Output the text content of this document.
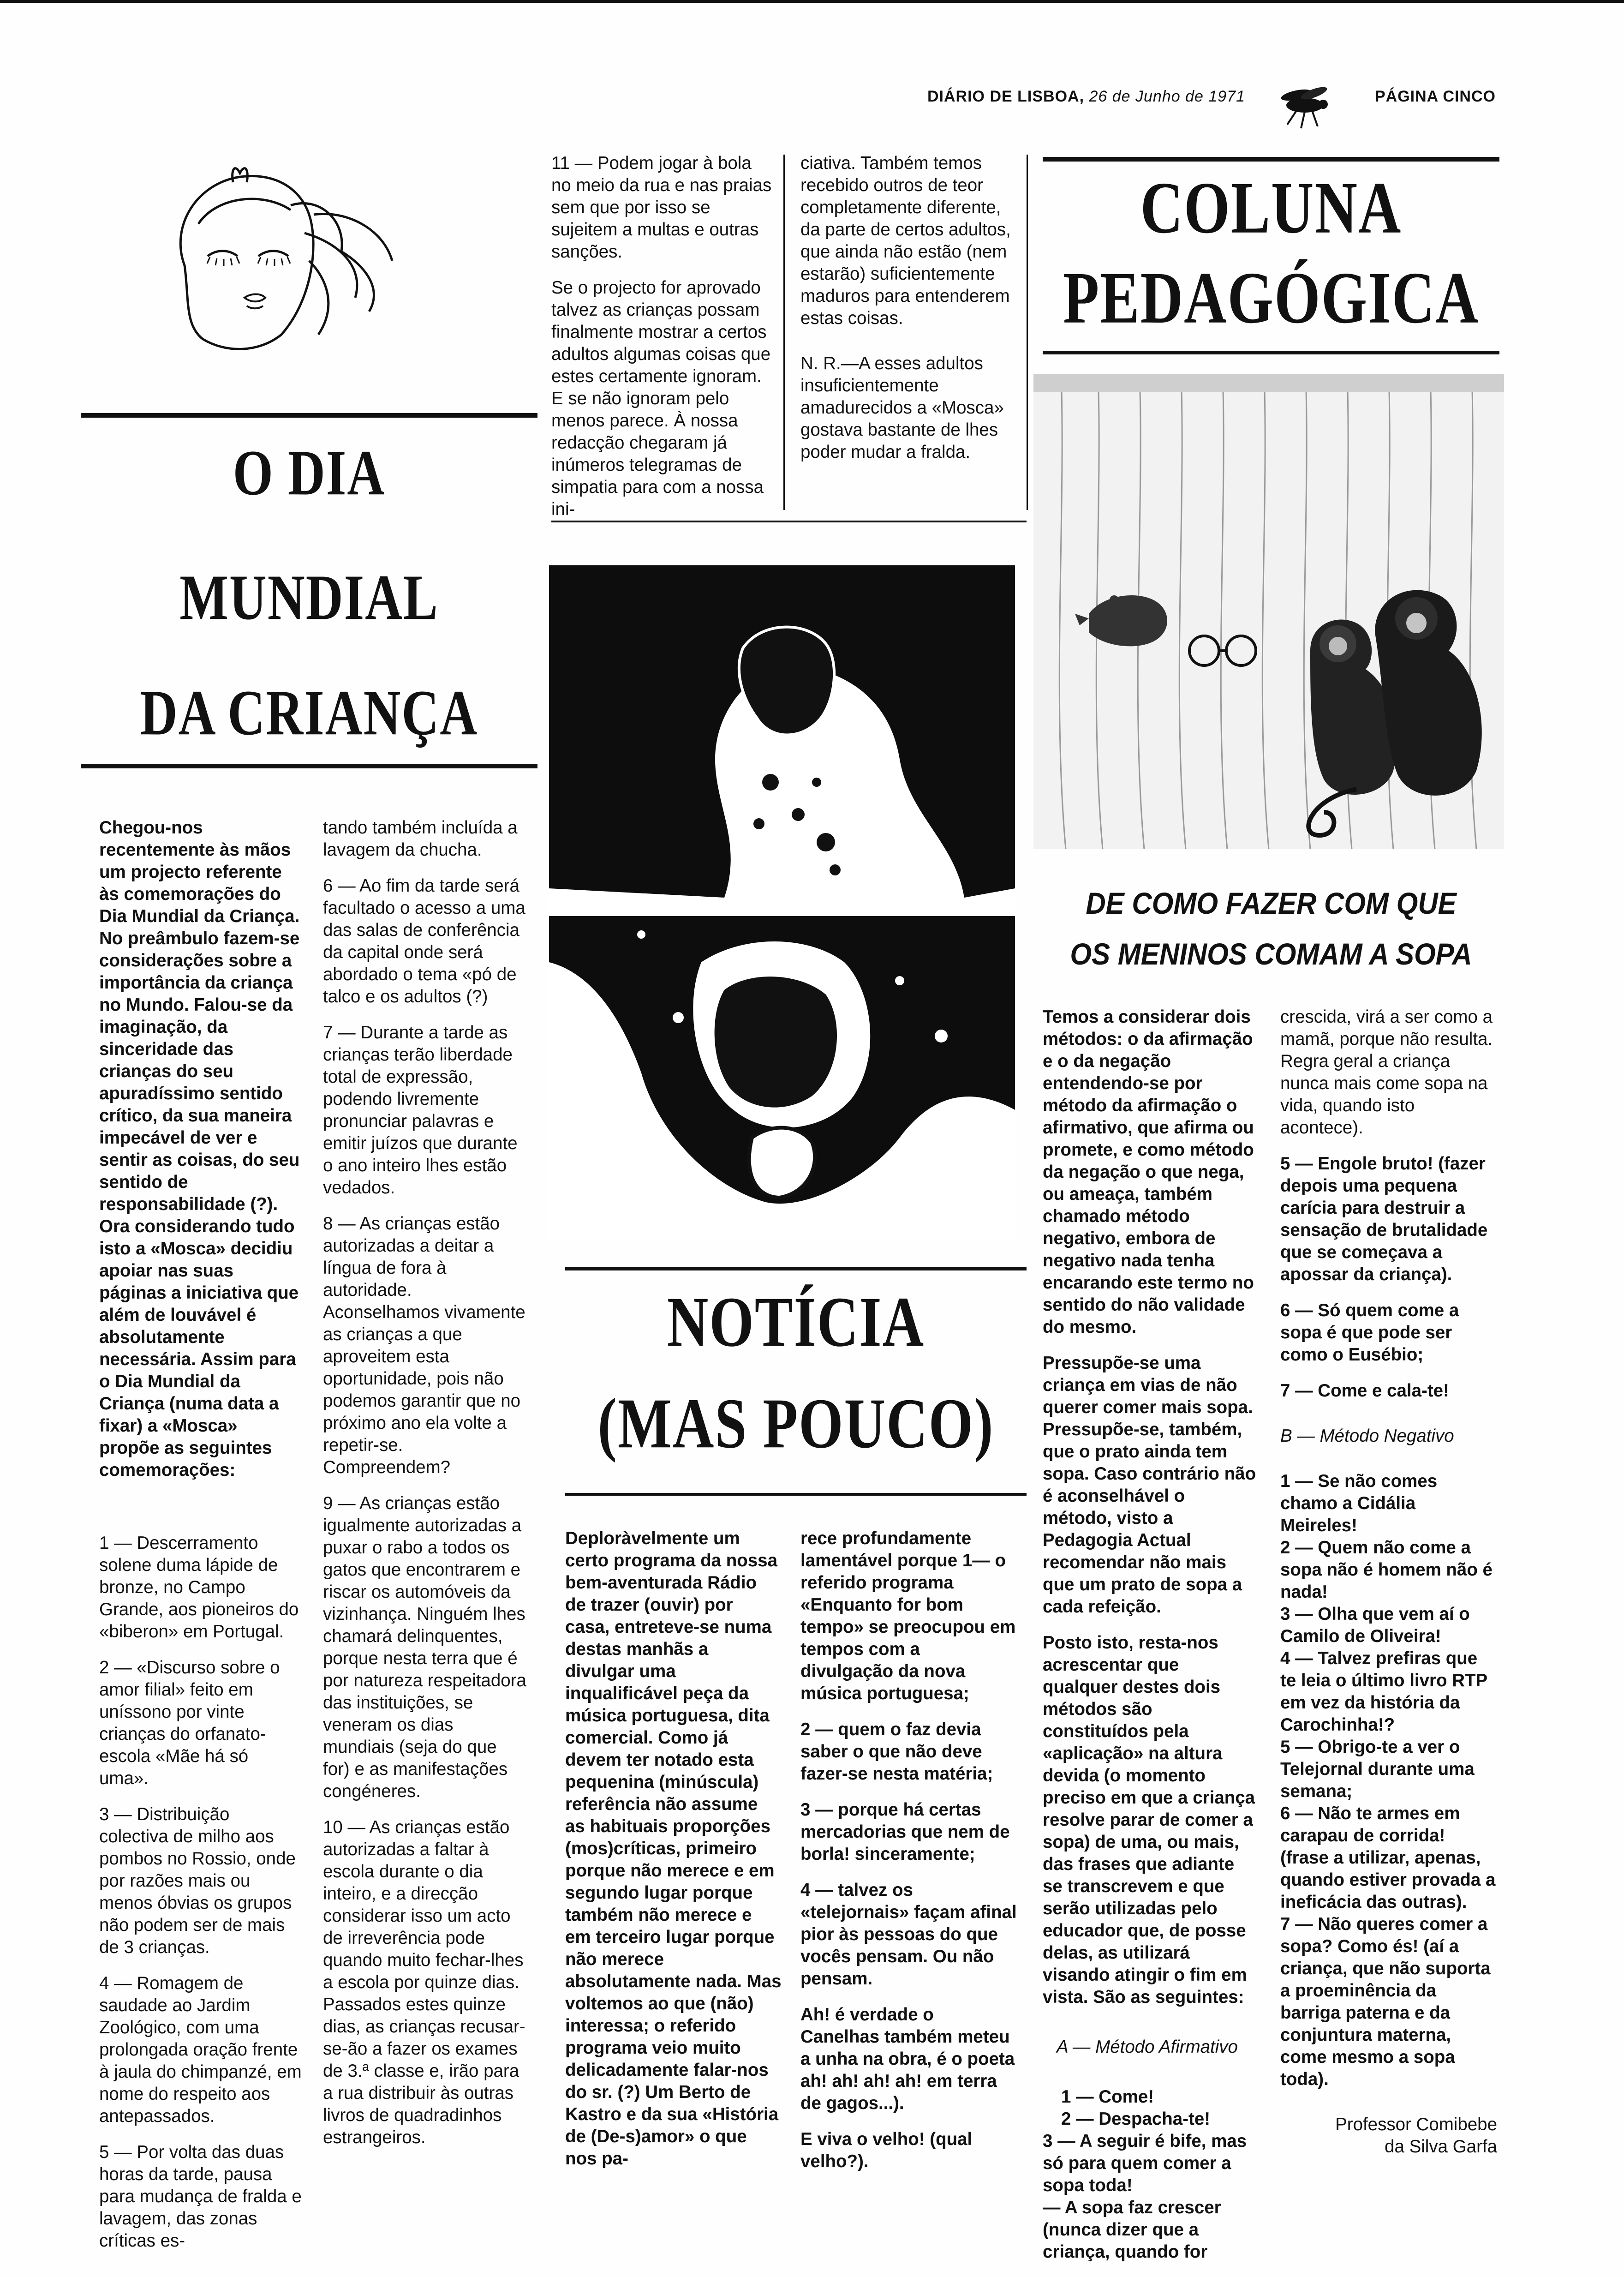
DIÁRIO DE LISBOA, 26 de Junho de 1971	PÁGINA CINCO
O DIA
MUNDIAL
DA CRIANÇA

Chegou-nos recentemente às mãos um projecto referente às comemorações do Dia Mundial da Criança. No preâmbulo fazem-se considerações sobre a importância da criança no Mundo. Falou-se da imaginação, da sinceridade das crianças do seu apuradíssimo sentido crítico, da sua maneira impecável de ver e sentir as coisas, do seu sentido de responsabilidade (?). Ora considerando tudo isto a «Mosca» decidiu apoiar nas suas páginas a iniciativa que além de louvável é absolutamente necessária. Assim para o Dia Mundial da Criança (numa data a fixar) a «Mosca» propõe as seguintes comemorações:

1 — Descerramento solene duma lápide de bronze, no Campo Grande, aos pioneiros do «biberon» em Portugal.

2 — «Discurso sobre o amor filial» feito em uníssono por vinte crianças do orfanato-escola «Mãe há só uma».

3 — Distribuição colectiva de milho aos pombos no Rossio, onde por razões mais ou menos óbvias os grupos não podem ser de mais de 3 crianças.

4 — Romagem de saudade ao Jardim Zoológico, com uma prolongada oração frente à jaula do chimpanzé, em nome do respeito aos antepassados.

5 — Por volta das duas horas da tarde, pausa para mudança de fralda e lavagem, das zonas críticas es-

tando também incluída a lavagem da chucha.

6 — Ao fim da tarde será facultado o acesso a uma das salas de conferência da capital onde será abordado o tema «pó de talco e os adultos (?)

7 — Durante a tarde as crianças terão liberdade total de expressão, podendo livremente pronunciar palavras e emitir juízos que durante o ano inteiro lhes estão vedados.

8 — As crianças estão autorizadas a deitar a língua de fora à autoridade. Aconselhamos vivamente as crianças a que aproveitem esta oportunidade, pois não podemos garantir que no próximo ano ela volte a repetir-se. Compreendem?

9 — As crianças estão igualmente autorizadas a puxar o rabo a todos os gatos que encontrarem e riscar os automóveis da vizinhança. Ninguém lhes chamará delinquentes, porque nesta terra que é por natureza respeitadora das instituições, se veneram os dias mundiais (seja do que for) e as manifestações congéneres.

10 — As crianças estão autorizadas a faltar à escola durante o dia inteiro, e a direcção considerar isso um acto de irreverência pode quando muito fechar-lhes a escola por quinze dias. Passados estes quinze dias, as crianças recusar-se-ão a fazer os exames de 3.ª classe e, irão para a rua distribuir às outras livros de quadradinhos estrangeiros.

11 — Podem jogar à bola no meio da rua e nas praias sem que por isso se sujeitem a multas e outras sanções.

Se o projecto for aprovado talvez as crianças possam finalmente mostrar a certos adultos algumas coisas que estes certamente ignoram. E se não ignoram pelo menos parece. À nossa redacção chegaram já inúmeros telegramas de simpatia para com a nossa ini-

ciativa. Também temos recebido outros de teor completamente diferente, da parte de certos adultos, que ainda não estão (nem estarão) suficientemente maduros para entenderem estas coisas.

N. R.—A esses adultos insuficientemente amadurecidos a «Mosca» gostava bastante de lhes poder mudar a fralda.

NOTÍCIA
(MAS POUCO)

Deploràvelmente um certo programa da nossa bem-aventurada Rádio de trazer (ouvir) por casa, entreteve-se numa destas manhãs a divulgar uma inqualificável peça da música portuguesa, dita comercial. Como já devem ter notado esta pequenina (minúscula) referência não assume as habituais proporções (mos)críticas, primeiro porque não merece e em segundo lugar porque também não merece e em terceiro lugar porque não merece absolutamente nada. Mas voltemos ao que (não) interessa; o referido programa veio muito delicadamente falar-nos do sr. (?) Um Berto de Kastro e da sua «História de (De-s)amor» o que nos pa-

rece profundamente lamentável porque 1— o referido programa «Enquanto for bom tempo» se preocupou em tempos com a divulgação da nova música portuguesa;

2 — quem o faz devia saber o que não deve fazer-se nesta matéria;

3 — porque há certas mercadorias que nem de borla! sinceramente;

4 — talvez os «telejornais» façam afinal pior às pessoas do que vocês pensam. Ou não pensam.

Ah! é verdade o Canelhas também meteu a unha na obra, é o poeta ah! ah! ah! ah! em terra de gagos...).

E viva o velho! (qual velho?).

COLUNA
PEDAGÓGICA
DE COMO FAZER COM QUE
OS MENINOS COMAM A SOPA

Temos a considerar dois métodos: o da afirmação e o da negação entendendo-se por método da afirmação o afirmativo, que afirma ou promete, e como método da negação o que nega, ou ameaça, também chamado método negativo, embora de negativo nada tenha encarando este termo no sentido do não validade do mesmo.

Pressupõe-se uma criança em vias de não querer comer mais sopa. Pressupõe-se, também, que o prato ainda tem sopa. Caso contrário não é aconselhável o método, visto a Pedagogia Actual recomendar não mais que um prato de sopa a cada refeição.

Posto isto, resta-nos acrescentar que qualquer destes dois métodos são constituídos pela «aplicação» na altura devida (o momento preciso em que a criança resolve parar de comer a sopa) de uma, ou mais, das frases que adiante se transcrevem e que serão utilizadas pelo educador que, de posse delas, as utilizará visando atingir o fim em vista. São as seguintes:

A — Método Afirmativo

1 — Come!

2 — Despacha-te!

3 — A seguir é bife, mas só para quem comer a sopa toda!

— A sopa faz crescer (nunca dizer que a criança, quando for

crescida, virá a ser como a mamã, porque não resulta. Regra geral a criança nunca mais come sopa na vida, quando isto acontece).

5 — Engole bruto! (fazer depois uma pequena carícia para destruir a sensação de brutalidade que se começava a apossar da criança).

6 — Só quem come a sopa é que pode ser como o Eusébio;

7 — Come e cala-te!

B — Método Negativo

1 — Se não comes chamo a Cidália Meireles!

2 — Quem não come a sopa não é homem não é nada!

3 — Olha que vem aí o Camilo de Oliveira!

4 — Talvez prefiras que te leia o último livro RTP em vez da história da Carochinha!?

5 — Obrigo-te a ver o Telejornal durante uma semana;

6 — Não te armes em carapau de corrida! (frase a utilizar, apenas, quando estiver provada a ineficácia das outras).

7 — Não queres comer a sopa? Como és! (aí a criança, que não suporta a proeminência da barriga paterna e da conjuntura materna, come mesmo a sopa toda).

Professor Comibebe

da Silva Garfa
